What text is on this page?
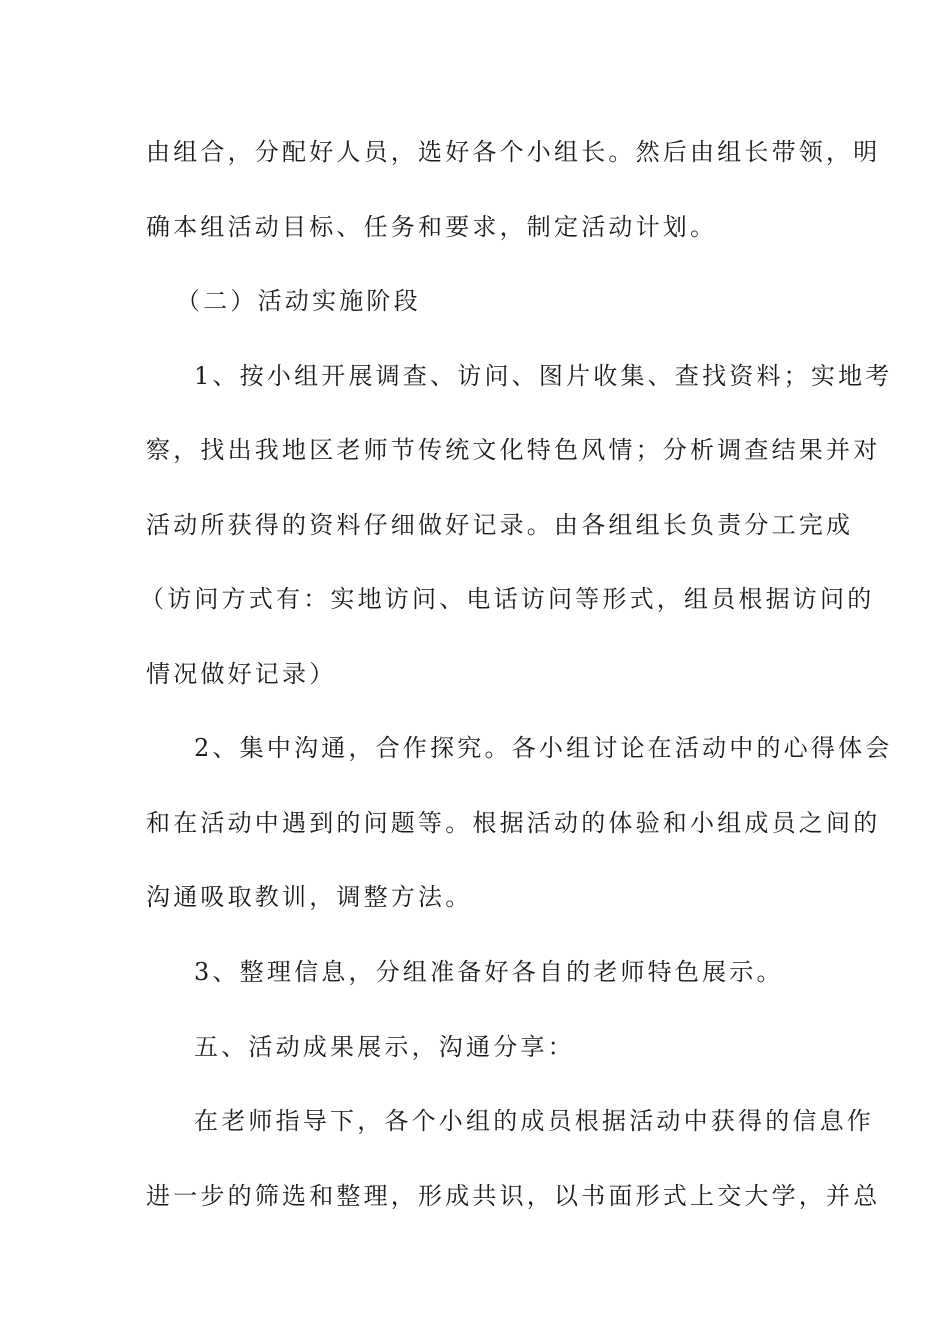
由组合，分配好人员，选好各个小组长。然后由组长带领，明
确本组活动目标、任务和要求，制定活动计划。
（二）活动实施阶段
1、按小组开展调查、访问、图片收集、查找资料；实地考
察，找出我地区老师节传统文化特色风情；分析调查结果并对
活动所获得的资料仔细做好记录。由各组组长负责分工完成
（访问方式有：实地访问、电话访问等形式，组员根据访问的
情况做好记录）
2、集中沟通，合作探究。各小组讨论在活动中的心得体会
和在活动中遇到的问题等。根据活动的体验和小组成员之间的
沟通吸取教训，调整方法。
3、整理信息，分组准备好各自的老师特色展示。
五、活动成果展示，沟通分享：
在老师指导下，各个小组的成员根据活动中获得的信息作
进一步的筛选和整理，形成共识，以书面形式上交大学，并总
